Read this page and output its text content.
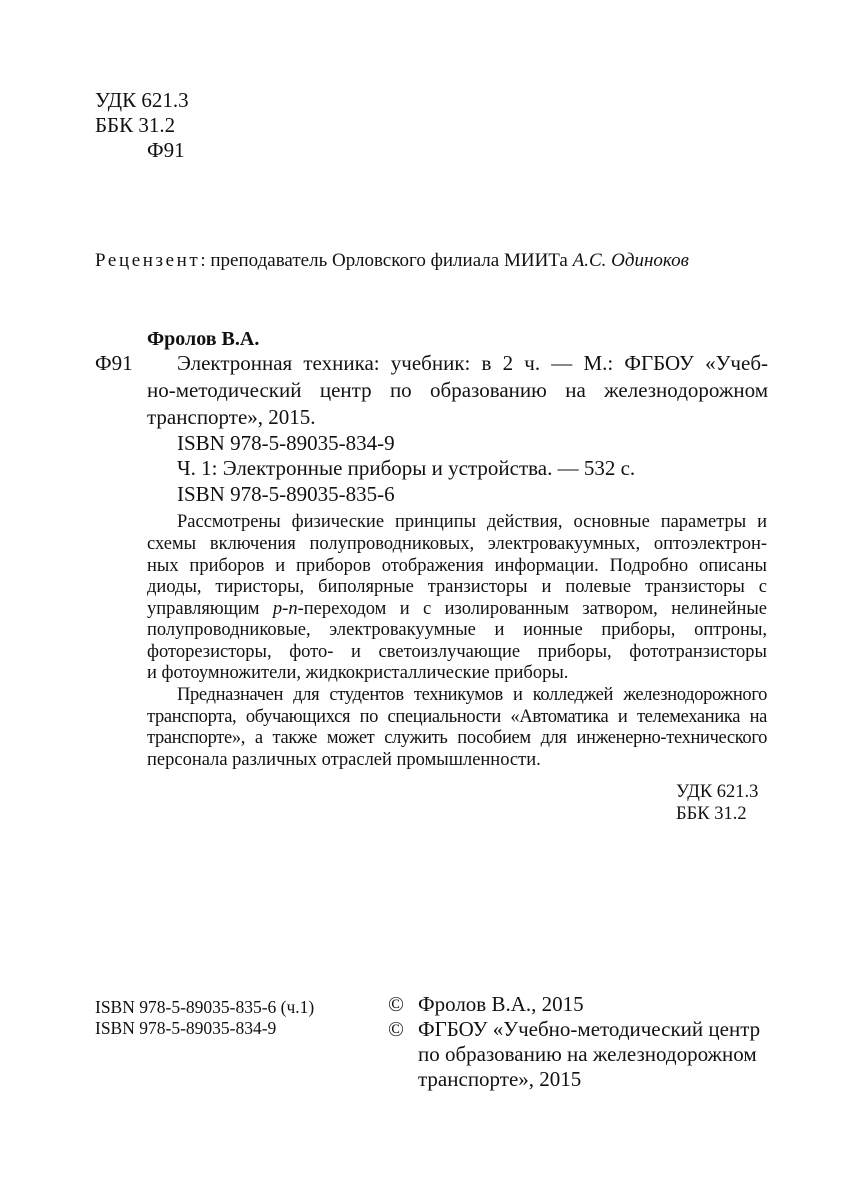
УДК 621.3
ББК 31.2
Ф91
Рецензент: преподаватель Орловского филиала МИИТа А.С. Одиноков
Фролов В.А.
Ф91 Электронная техника: учебник: в 2 ч. — М.: ФГБОУ «Учеб-
но-методический центр по образованию на железнодорожном
транспорте», 2015.
ISBN 978-5-89035-834-9
Ч. 1: Электронные приборы и устройства. — 532 с.
ISBN 978-5-89035-835-6
Рассмотрены физические принципы действия, основные параметры и
схемы включения полупроводниковых, электровакуумных, оптоэлектрон-
ных приборов и приборов отображения информации. Подробно описаны
диоды, тиристоры, биполярные транзисторы и полевые транзисторы с
управляющим p-n-переходом и с изолированным затвором, нелинейные
полупроводниковые, электровакуумные и ионные приборы, оптроны,
фоторезисторы, фото- и светоизлучающие приборы, фототранзисторы
и фотоумножители, жидкокристаллические приборы.
Предназначен для студентов техникумов и колледжей железнодорожного
транспорта, обучающихся по специальности «Автоматика и телемеханика на
транспорте», а также может служить пособием для инженерно-технического
персонала различных отраслей промышленности.
УДК 621.3
ББК 31.2
ISBN 978-5-89035-835-6 (ч.1)
ISBN 978-5-89035-834-9
© Фролов В.А., 2015
© ФГБОУ «Учебно-методический центр
по образованию на железнодорожном
транспорте», 2015
